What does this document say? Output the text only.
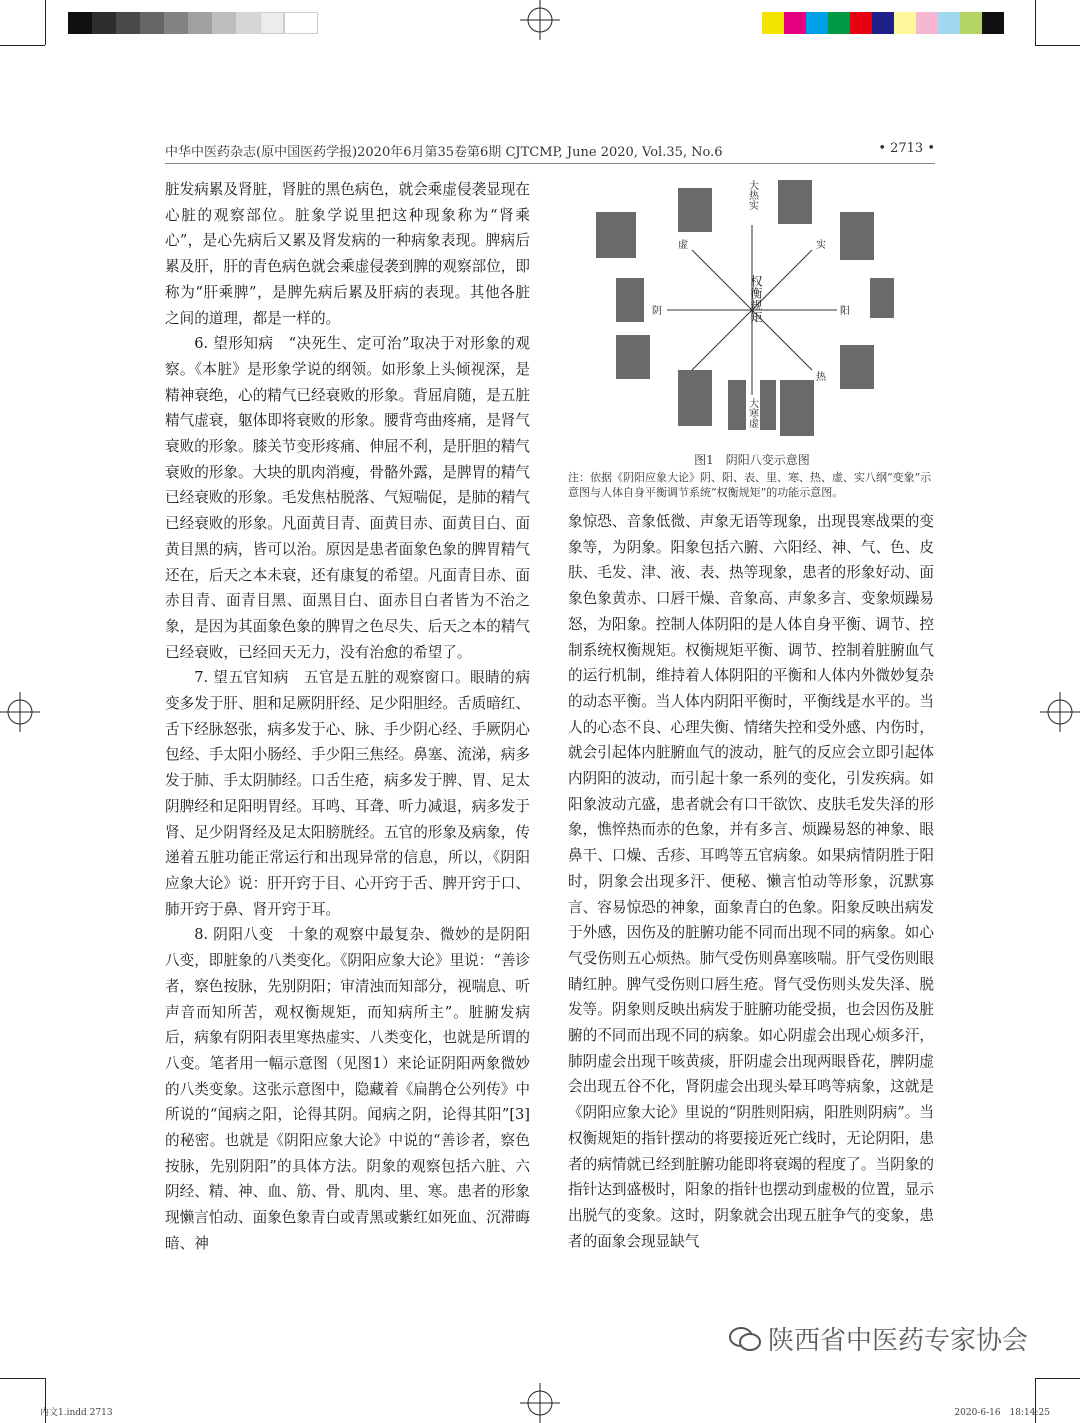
中华中医药杂志(原中国医药学报)2020年6月第35卷第6期 CJTCMP, June 2020, Vol.35, No.6	• 2713 •

脏发病累及肾脏，肾脏的黑色病色，就会乘虚侵袭显现在心脏的观察部位。脏象学说里把这种现象称为“肾乘心”，是心先病后又累及肾发病的一种病象表现。脾病后累及肝，肝的青色病色就会乘虚侵袭到脾的观察部位，即称为“肝乘脾”，是脾先病后累及肝病的表现。其他各脏之间的道理，都是一样的。

6. 望形知病　“决死生、定可治”取决于对形象的观察。《本脏》是形象学说的纲领。如形象上头倾视深，是精神衰绝，心的精气已经衰败的形象。背屈肩随，是五脏精气虚衰，躯体即将衰败的形象。腰背弯曲疼痛，是肾气衰败的形象。膝关节变形疼痛、伸屈不利，是肝胆的精气衰败的形象。大块的肌肉消瘦，骨骼外露，是脾胃的精气已经衰败的形象。毛发焦枯脱落、气短喘促，是肺的精气已经衰败的形象。凡面黄目青、面黄目赤、面黄目白、面黄目黑的病，皆可以治。原因是患者面象色象的脾胃精气还在，后天之本未衰，还有康复的希望。凡面青目赤、面赤目青、面青目黑、面黑目白、面赤目白者皆为不治之象，是因为其面象色象的脾胃之色尽失、后天之本的精气已经衰败，已经回天无力，没有治愈的希望了。

7. 望五官知病　五官是五脏的观察窗口。眼睛的病变多发于肝、胆和足厥阴肝经、足少阳胆经。舌质暗红、舌下经脉怒张，病多发于心、脉、手少阴心经、手厥阴心包经、手太阳小肠经、手少阳三焦经。鼻塞、流涕，病多发于肺、手太阴肺经。口舌生疮，病多发于脾、胃、足太阴脾经和足阳明胃经。耳鸣、耳聋、听力减退，病多发于肾、足少阴肾经及足太阳膀胱经。五官的形象及病象，传递着五脏功能正常运行和出现异常的信息，所以，《阴阳应象大论》说：肝开窍于目、心开窍于舌、脾开窍于口、肺开窍于鼻、肾开窍于耳。

8. 阴阳八变　十象的观察中最复杂、微妙的是阴阳八变，即脏象的八类变化。《阴阳应象大论》里说：“善诊者，察色按脉，先别阴阳；审清浊而知部分，视喘息、听声音而知所苦，观权衡规矩，而知病所主”。脏腑发病后，病象有阴阳表里寒热虚实、八类变化，也就是所谓的八变。笔者用一幅示意图（见图1）来论证阴阳两象微妙的八类变象。这张示意图中，隐藏着《扁鹊仓公列传》中所说的“闻病之阳，论得其阴。闻病之阴，论得其阳”[3]的秘密。也就是《阴阳应象大论》中说的“善诊者，察色按脉，先别阴阳”的具体方法。阴象的观察包括六脏、六阴经、精、神、血、筋、骨、肌肉、里、寒。患者的形象现懒言怕动、面象色象青白或青黑或紫红如死血、沉滞晦暗、神

权衡规矩
大热实
大寒虚
阳
阴
实
虚
热
图1　阴阳八变示意图
注：依据《阴阳应象大论》阴、阳、表、里、寒、热、虚、实八纲“变象”示意图与人体自身平衡调节系统“权衡规矩”的功能示意图。

象惊恐、音象低微、声象无语等现象，出现畏寒战栗的变象等，为阴象。阳象包括六腑、六阳经、神、气、色、皮肤、毛发、津、液、表、热等现象，患者的形象好动、面象色象黄赤、口唇干燥、音象高、声象多言、变象烦躁易怒，为阳象。控制人体阴阳的是人体自身平衡、调节、控制系统权衡规矩。权衡规矩平衡、调节、控制着脏腑血气的运行机制，维持着人体阴阳的平衡和人体内外微妙复杂的动态平衡。当人体内阴阳平衡时，平衡线是水平的。当人的心态不良、心理失衡、情绪失控和受外感、内伤时，就会引起体内脏腑血气的波动，脏气的反应会立即引起体内阴阳的波动，而引起十象一系列的变化，引发疾病。如阳象波动亢盛，患者就会有口干欲饮、皮肤毛发失泽的形象，憔悴热而赤的色象，并有多言、烦躁易怒的神象、眼鼻干、口燥、舌疹、耳鸣等五官病象。如果病情阴胜于阳时，阴象会出现多汗、便秘、懒言怕动等形象，沉默寡言、容易惊恐的神象，面象青白的色象。阳象反映出病发于外感，因伤及的脏腑功能不同而出现不同的病象。如心气受伤则五心烦热。肺气受伤则鼻塞咳喘。肝气受伤则眼睛红肿。脾气受伤则口唇生疮。肾气受伤则头发失泽、脱发等。阴象则反映出病发于脏腑功能受损，也会因伤及脏腑的不同而出现不同的病象。如心阴虚会出现心烦多汗，肺阴虚会出现干咳黄痰，肝阴虚会出现两眼昏花，脾阴虚会出现五谷不化，肾阴虚会出现头晕耳鸣等病象，这就是《阴阳应象大论》里说的“阴胜则阳病，阳胜则阴病”。当权衡规矩的指针摆动的将要接近死亡线时，无论阴阳，患者的病情就已经到脏腑功能即将衰竭的程度了。当阴象的指针达到盛极时，阳象的指针也摆动到虚极的位置，显示出脱气的变象。这时，阴象就会出现五脏争气的变象，患者的面象会现显缺气

陕西省中医药专家协会
内文1.indd 2713	2020-6-16　18:14:25
